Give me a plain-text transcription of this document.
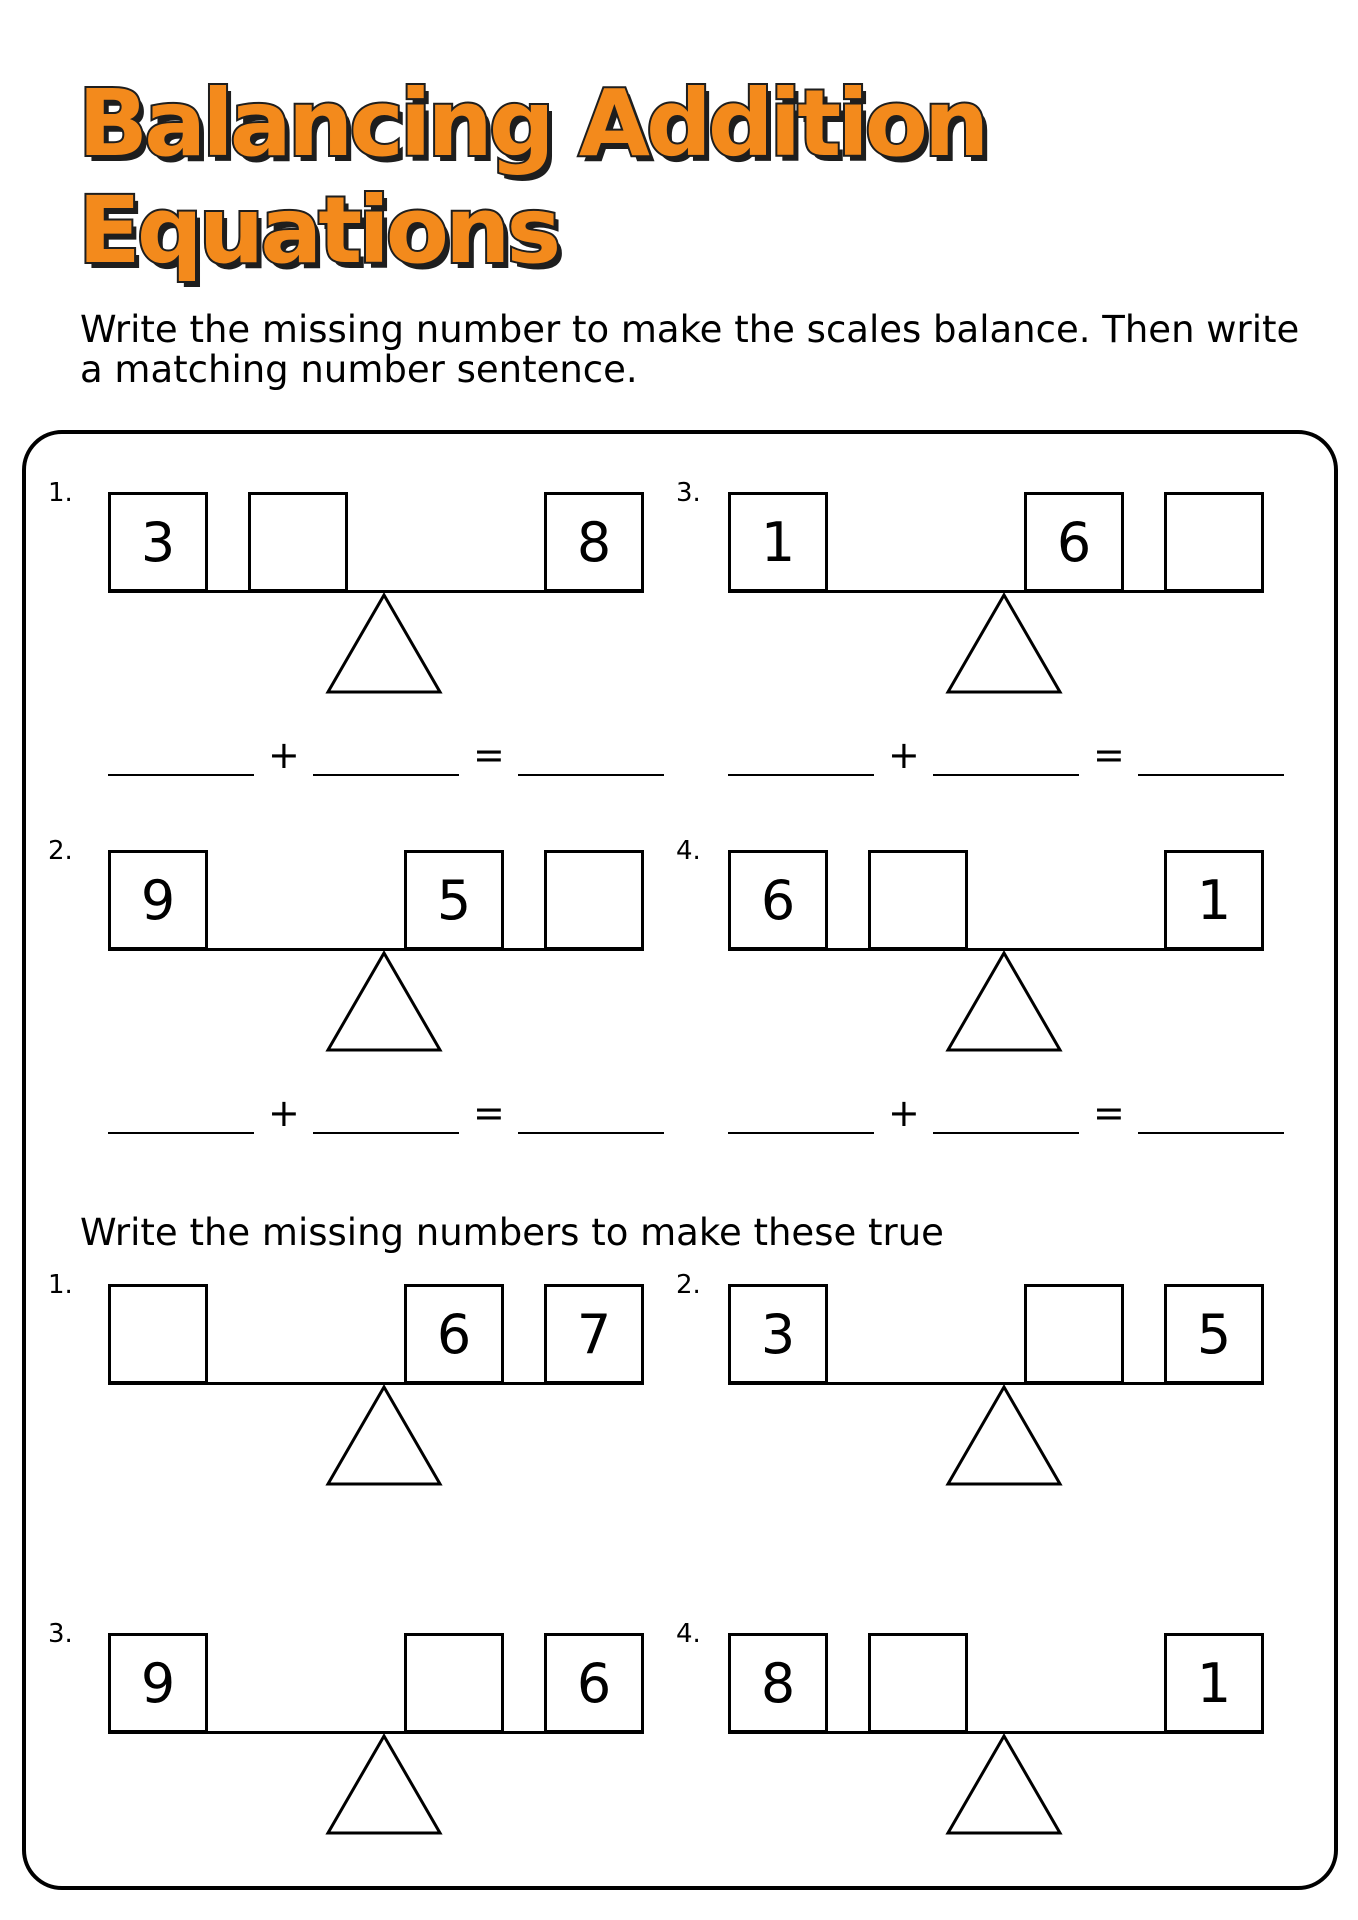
Balancing Addition
Equations
Write the missing number to make the scales balance. Then write a matching number sentence.
Write the missing numbers to make these true
1.
3	8
+	=
3.
1	6
+	=
2.
9	5
+	=
4.
6	1
+	=
1.
6	7
2.
3	5
3.
9	6
4.
8	1
